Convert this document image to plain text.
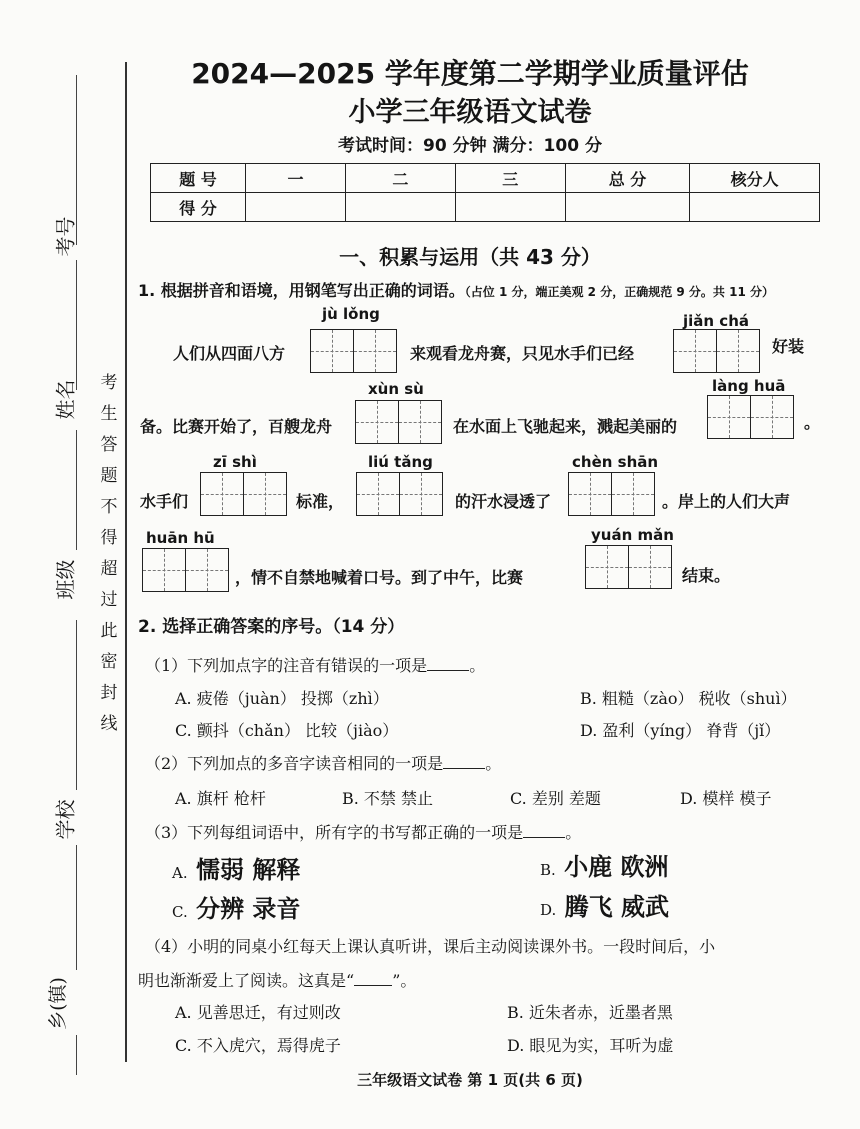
考号
姓名
班级
学校
乡(镇)
考
生
答
题
不
得
超
过
此
密
封
线
2024—2025 学年度第二学期学业质量评估
小学三年级语文试卷
考试时间：90 分钟 满分：100 分
题 号	一	二	三	总 分	核分人
得 分					
一、积累与运用（共 43 分）
1. 根据拼音和语境，用钢笔写出正确的词语。（占位 1 分，端正美观 2 分，正确规范 9 分。共 11 分）
jù lǒng
人们从四面八方	来观看龙舟赛，只见水手们已经
jiǎn chá
好装
xùn sù
备。比赛开始了，百艘龙舟	在水面上飞驰起来，溅起美丽的
làng huā
。
zī shì
水手们	标准，
liú tǎng
的汗水浸透了
chèn shān
。岸上的人们大声
huān hū
，情不自禁地喊着口号。到了中午，比赛
yuán mǎn
结束。
2. 选择正确答案的序号。（14 分）
（1）下列加点字的注音有错误的一项是	。
A. 疲倦（juàn） 投掷（zhì）	B. 粗糙（zào） 税收（shuì）
C. 颤抖（chǎn） 比较（jiào）	D. 盈利（yíng） 脊背（jǐ）
（2）下列加点的多音字读音相同的一项是	。
A. 旗杆 枪杆	B. 不禁 禁止	C. 差别 差题	D. 模样 模子
（3）下列每组词语中，所有字的书写都正确的一项是	。
A. 懦弱 解释	B. 小鹿 欧洲
C. 分辨 录音	D. 腾飞 威武
（4）小明的同桌小红每天上课认真听讲，课后主动阅读课外书。一段时间后，小
明也渐渐爱上了阅读。这真是“ ”。
A. 见善思迁，有过则改	B. 近朱者赤，近墨者黑
C. 不入虎穴，焉得虎子	D. 眼见为实，耳听为虚
三年级语文试卷 第 1 页(共 6 页)
